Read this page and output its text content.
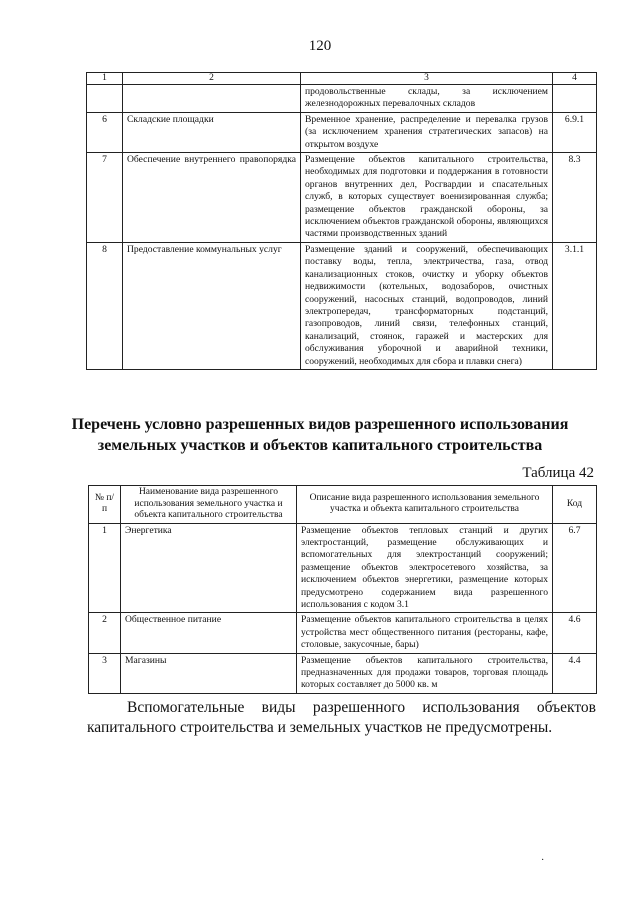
120
1	2	3	4
		продовольственные склады, за исключением железнодорожных перевалочных складов	
6	Складские площадки	Временное хранение, распределение и перевалка грузов (за исключением хранения стратегических запасов) на открытом воздухе	6.9.1
7	Обеспечение внутреннего правопорядка	Размещение объектов капитального строительства, необходимых для подготовки и поддержания в готовности органов внутренних дел, Росгвардии и спасательных служб, в которых существует военизированная служба; размещение объектов гражданской обороны, за исключением объектов гражданской обороны, являющихся частями производственных зданий	8.3
8	Предоставление коммунальных услуг	Размещение зданий и сооружений, обеспечивающих поставку воды, тепла, электричества, газа, отвод канализационных стоков, очистку и уборку объектов недвижимости (котельных, водозаборов, очистных сооружений, насосных станций, водопроводов, линий электропередач, трансформаторных подстанций, газопроводов, линий связи, телефонных станций, канализаций, стоянок, гаражей и мастерских для обслуживания уборочной и аварийной техники, сооружений, необходимых для сбора и плавки снега)	3.1.1
Перечень условно разрешенных видов разрешенного использования земельных участков и объектов капитального строительства
Таблица 42
№ п/п	Наименование вида разрешенного использования земельного участка и объекта капитального строительства	Описание вида разрешенного использования земельного участка и объекта капитального строительства	Код
1	Энергетика	Размещение объектов тепловых станций и других электростанций, размещение обслуживающих и вспомогательных для электростанций сооружений; размещение объектов электросетевого хозяйства, за исключением объектов энергетики, размещение которых предусмотрено содержанием вида разрешенного использования с кодом 3.1	6.7
2	Общественное питание	Размещение объектов капитального строительства в целях устройства мест общественного питания (рестораны, кафе, столовые, закусочные, бары)	4.6
3	Магазины	Размещение объектов капитального строительства, предназначенных для продажи товаров, торговая площадь которых составляет до 5000 кв. м	4.4
Вспомогательные виды разрешенного использования объектов капитального строительства и земельных участков не предусмотрены.
·
